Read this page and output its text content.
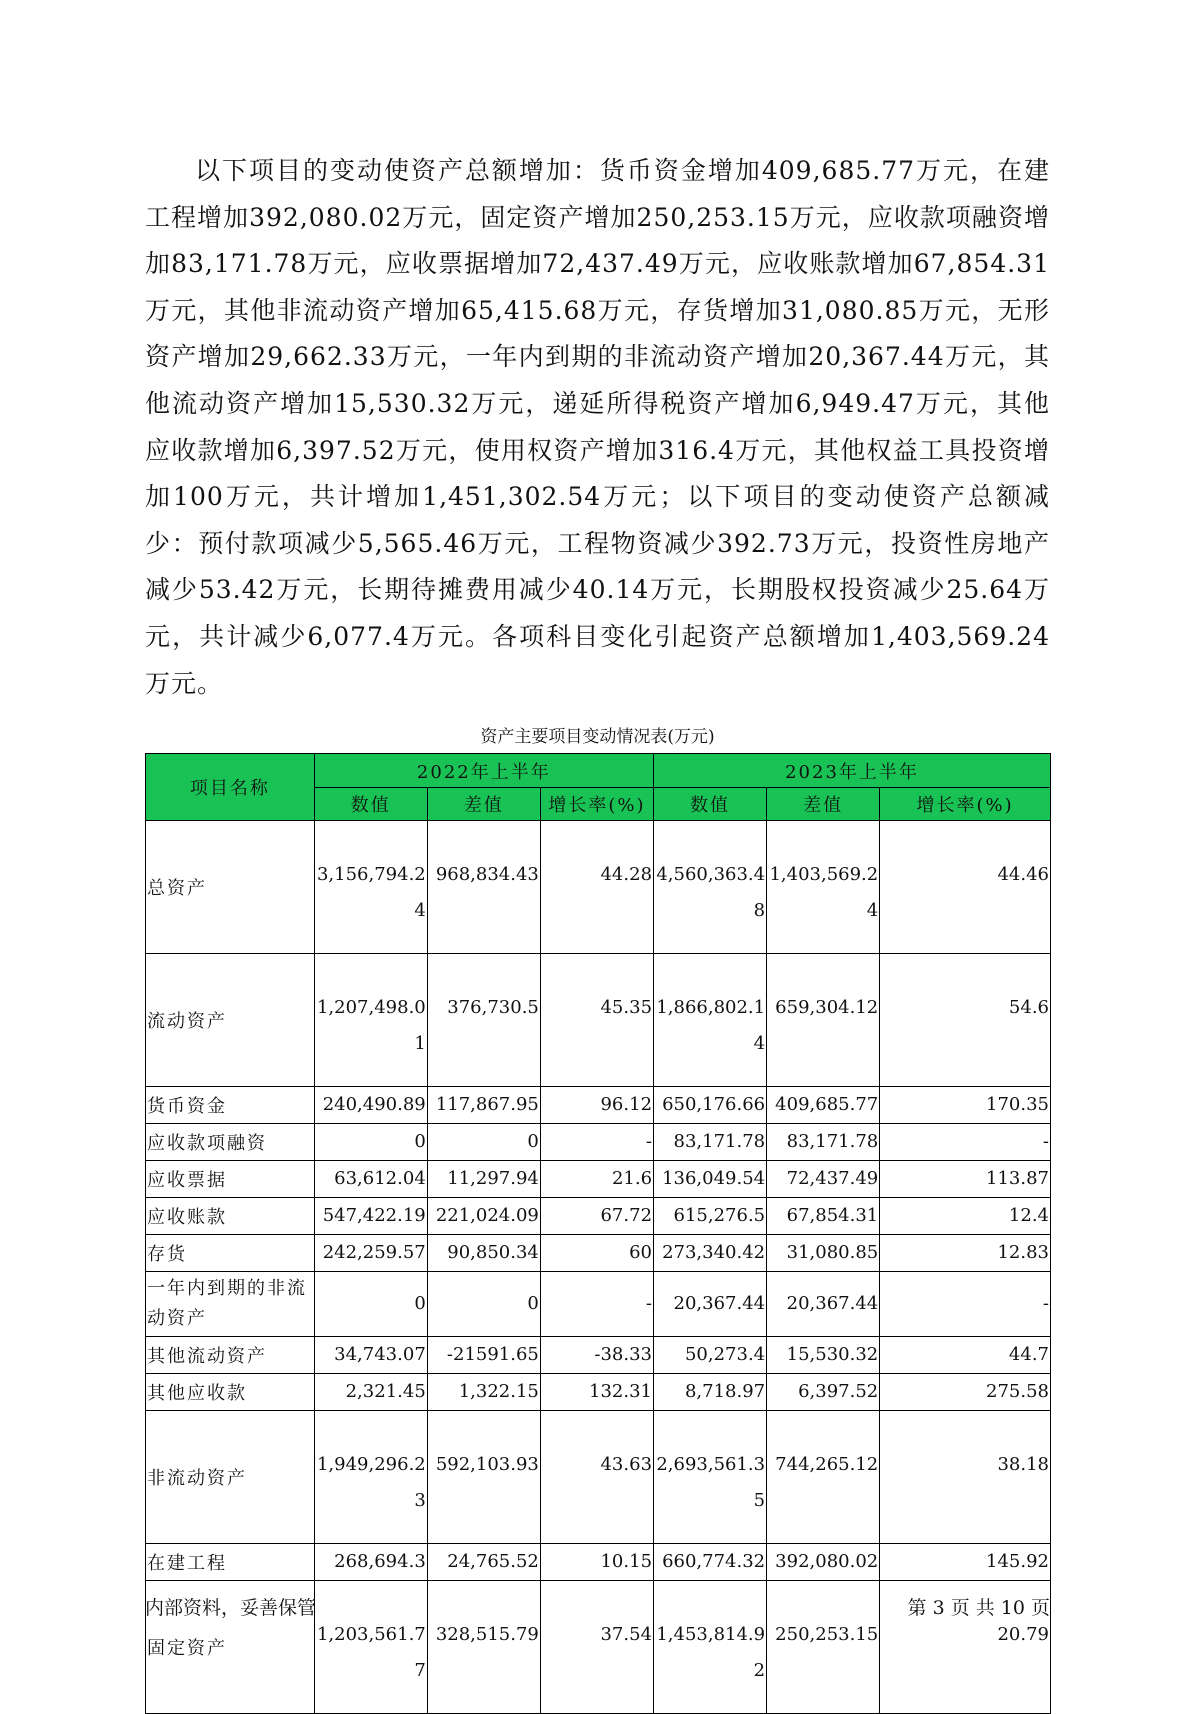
以下项目的变动使资产总额增加：货币资金增加409,685.77万元，在建工程增加392,080.02万元，固定资产增加250,253.15万元，应收款项融资增加83,171.78万元，应收票据增加72,437.49万元，应收账款增加67,854.31万元，其他非流动资产增加65,415.68万元，存货增加31,080.85万元，无形资产增加29,662.33万元，一年内到期的非流动资产增加20,367.44万元，其他流动资产增加15,530.32万元，递延所得税资产增加6,949.47万元，其他应收款增加6,397.52万元，使用权资产增加316.4万元，其他权益工具投资增加100万元，共计增加1,451,302.54万元；以下项目的变动使资产总额减少：预付款项减少5,565.46万元，工程物资减少392.73万元，投资性房地产减少53.42万元，长期待摊费用减少40.14万元，长期股权投资减少25.64万元，共计减少6,077.4万元。各项科目变化引起资产总额增加1,403,569.24万元。
资产主要项目变动情况表(万元)
项目名称	2022年上半年			2023年上半年		
	数值	差值	增长率(%)	数值	差值	增长率(%)
总资产	3,156,794.24	968,834.43	44.28	4,560,363.48	1,403,569.24	44.46
流动资产	1,207,498.01	376,730.5	45.35	1,866,802.14	659,304.12	54.6
货币资金	240,490.89	117,867.95	96.12	650,176.66	409,685.77	170.35
应收款项融资	0	0	-	83,171.78	83,171.78	-
应收票据	63,612.04	11,297.94	21.6	136,049.54	72,437.49	113.87
应收账款	547,422.19	221,024.09	67.72	615,276.5	67,854.31	12.4
存货	242,259.57	90,850.34	60	273,340.42	31,080.85	12.83
一年内到期的非流动资产	0	0	-	20,367.44	20,367.44	-
其他流动资产	34,743.07	-21591.65	-38.33	50,273.4	15,530.32	44.7
其他应收款	2,321.45	1,322.15	132.31	8,718.97	6,397.52	275.58
非流动资产	1,949,296.23	592,103.93	43.63	2,693,561.35	744,265.12	38.18
在建工程	268,694.3	24,765.52	10.15	660,774.32	392,080.02	145.92
固定资产	1,203,561.77	328,515.79	37.54	1,453,814.92	250,253.15	20.79
内部资料，妥善保管	第 3 页 共 10 页
